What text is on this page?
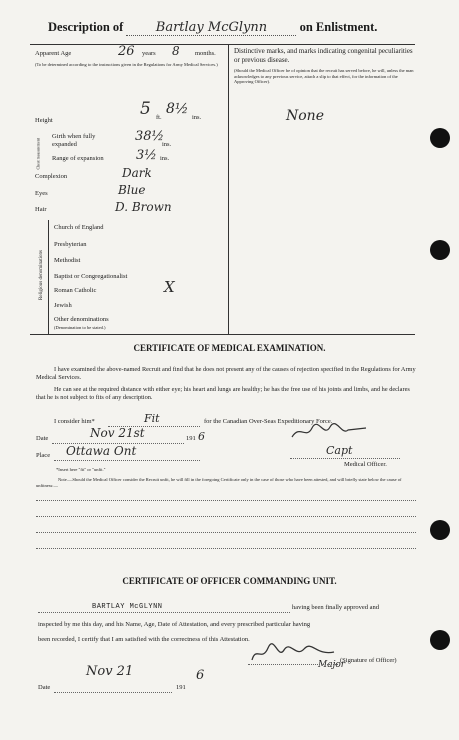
Description of Bartlay McGlynn	on Enlistment.
Apparent Age	26 years 8 months.
(To be determined according to the instructions given in the Regulations for Army Medical Services.)
Height
5 ft.
8½
ins.
Chest measurement
Girth when fully expanded
38½
ins.
Range of expansion 3½ ins.
Complexion	Dark
Eyes	Blue
Hair	D. Brown
Religious denominations
Church of England
Presbyterian
Methodist
Baptist or Congregationalist
Roman Catholic	X
Jewish
Other denominations
(Denomination to be stated.)
Distinctive marks, and marks indicating congenital peculiarities or previous disease.
(Should the Medical Officer be of opinion that the recruit has served before, he will, unless the man acknowledges to any previous service, attach a slip to that effect, for the information of the Approving Officer).
None
CERTIFICATE OF MEDICAL EXAMINATION.
I have examined the above-named Recruit and find that he does not present any of the causes of rejection specified in the Regulations for Army Medical Services.
He can see at the required distance with either eye; his heart and lungs are healthy; he has the free use of his joints and limbs, and he declares that he is not subject to fits of any description.
I consider him*	Fit	for the Canadian Over-Seas Expeditionary Force.
Date	Nov 21st	191 6
Place Ottawa Ont	Capt
Medical Officer.
*Insert here "fit" or "unfit."
Note.—Should the Medical Officer consider the Recruit unfit, he will fill in the foregoing Certificate only in the case of those who have been attested, and will briefly state below the cause of unfitness:—
CERTIFICATE OF OFFICER COMMANDING UNIT.
BARTLAY McGLYNN	having been finally approved and
inspected by me this day, and his Name, Age, Date of Attestation, and every prescribed particular having
been recorded, I certify that I am satisfied with the correctness of this Attestation.
Major
(Signature of Officer)
Nov 21	6
Date	191
